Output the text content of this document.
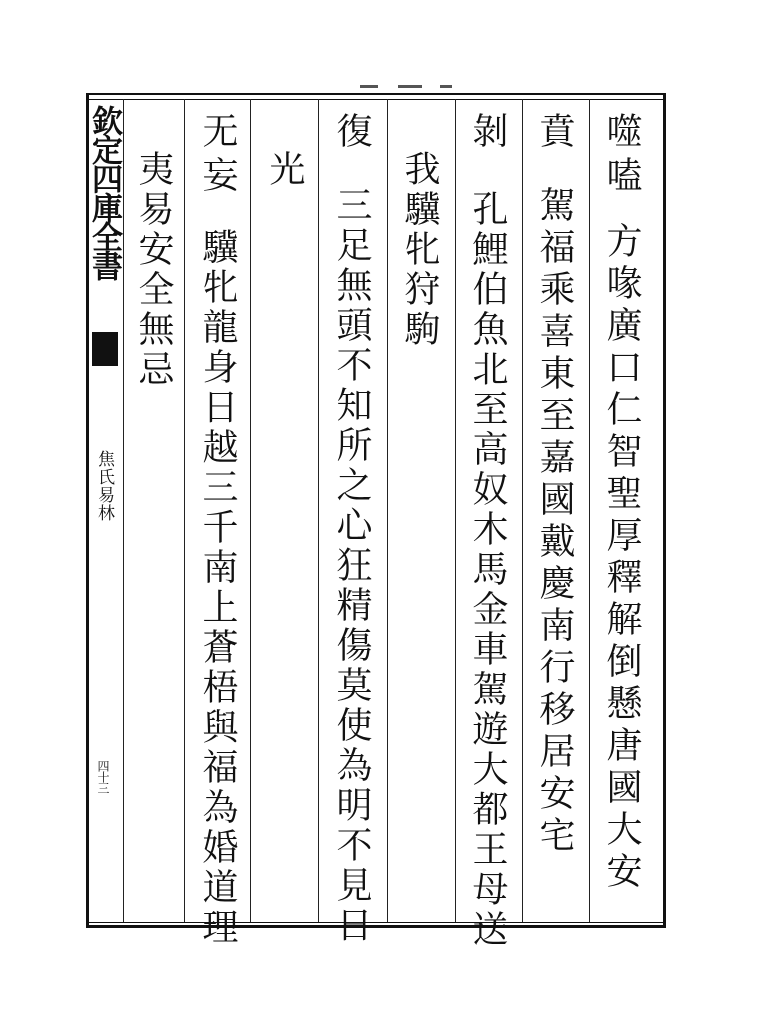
欽定四庫全書
焦氏易林
四十三
噬嗑
方喙廣口仁智聖厚釋解倒懸唐國大安
賁
駕福乘喜東至嘉國戴慶南行移居安宅
剝
孔鯉伯魚北至高奴木馬金車駕遊大都王母送
我驥牝狩駒
復
三足無頭不知所之心狂精傷莫使為明不見日
光
无妄
驥牝龍身日越三千南上蒼梧與福為婚道理
夷易安全無忌
